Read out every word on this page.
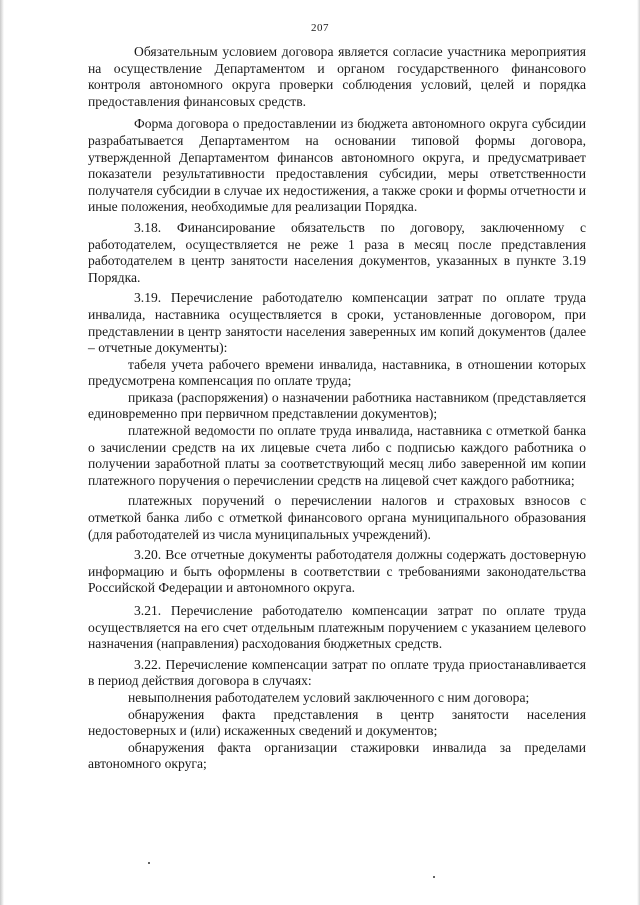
207

Обязательным условием договора является согласие участника мероприятия на осуществление Департаментом и органом государственного финансового контроля автономного округа проверки соблюдения условий, целей и порядка предоставления финансовых средств.

Форма договора о предоставлении из бюджета автономного округа субсидии разрабатывается Департаментом на основании типовой формы договора, утвержденной Департаментом финансов автономного округа, и предусматривает показатели результативности предоставления субсидии, меры ответственности получателя субсидии в случае их недостижения, а также сроки и формы отчетности и иные положения, необходимые для реализации Порядка.

3.18. Финансирование обязательств по договору, заключенному с работодателем, осуществляется не реже 1 раза в месяц после представления работодателем в центр занятости населения документов, указанных в пункте 3.19 Порядка.

3.19. Перечисление работодателю компенсации затрат по оплате труда инвалида, наставника осуществляется в сроки, установленные договором, при представлении в центр занятости населения заверенных им копий документов (далее – отчетные документы):

табеля учета рабочего времени инвалида, наставника, в отношении которых предусмотрена компенсация по оплате труда;

приказа (распоряжения) о назначении работника наставником (представляется единовременно при первичном представлении документов);

платежной ведомости по оплате труда инвалида, наставника с отметкой банка о зачислении средств на их лицевые счета либо с подписью каждого работника о получении заработной платы за соответствующий месяц либо заверенной им копии платежного поручения о перечислении средств на лицевой счет каждого работника;

платежных поручений о перечислении налогов и страховых взносов с отметкой банка либо с отметкой финансового органа муниципального образования (для работодателей из числа муниципальных учреждений).

3.20. Все отчетные документы работодателя должны содержать достоверную информацию и быть оформлены в соответствии с требованиями законодательства Российской Федерации и автономного округа.

3.21. Перечисление работодателю компенсации затрат по оплате труда осуществляется на его счет отдельным платежным поручением с указанием целевого назначения (направления) расходования бюджетных средств.

3.22. Перечисление компенсации затрат по оплате труда приостанавливается в период действия договора в случаях:

невыполнения работодателем условий заключенного с ним договора;

обнаружения факта представления в центр занятости населения недостоверных и (или) искаженных сведений и документов;

обнаружения факта организации стажировки инвалида за пределами автономного округа;
